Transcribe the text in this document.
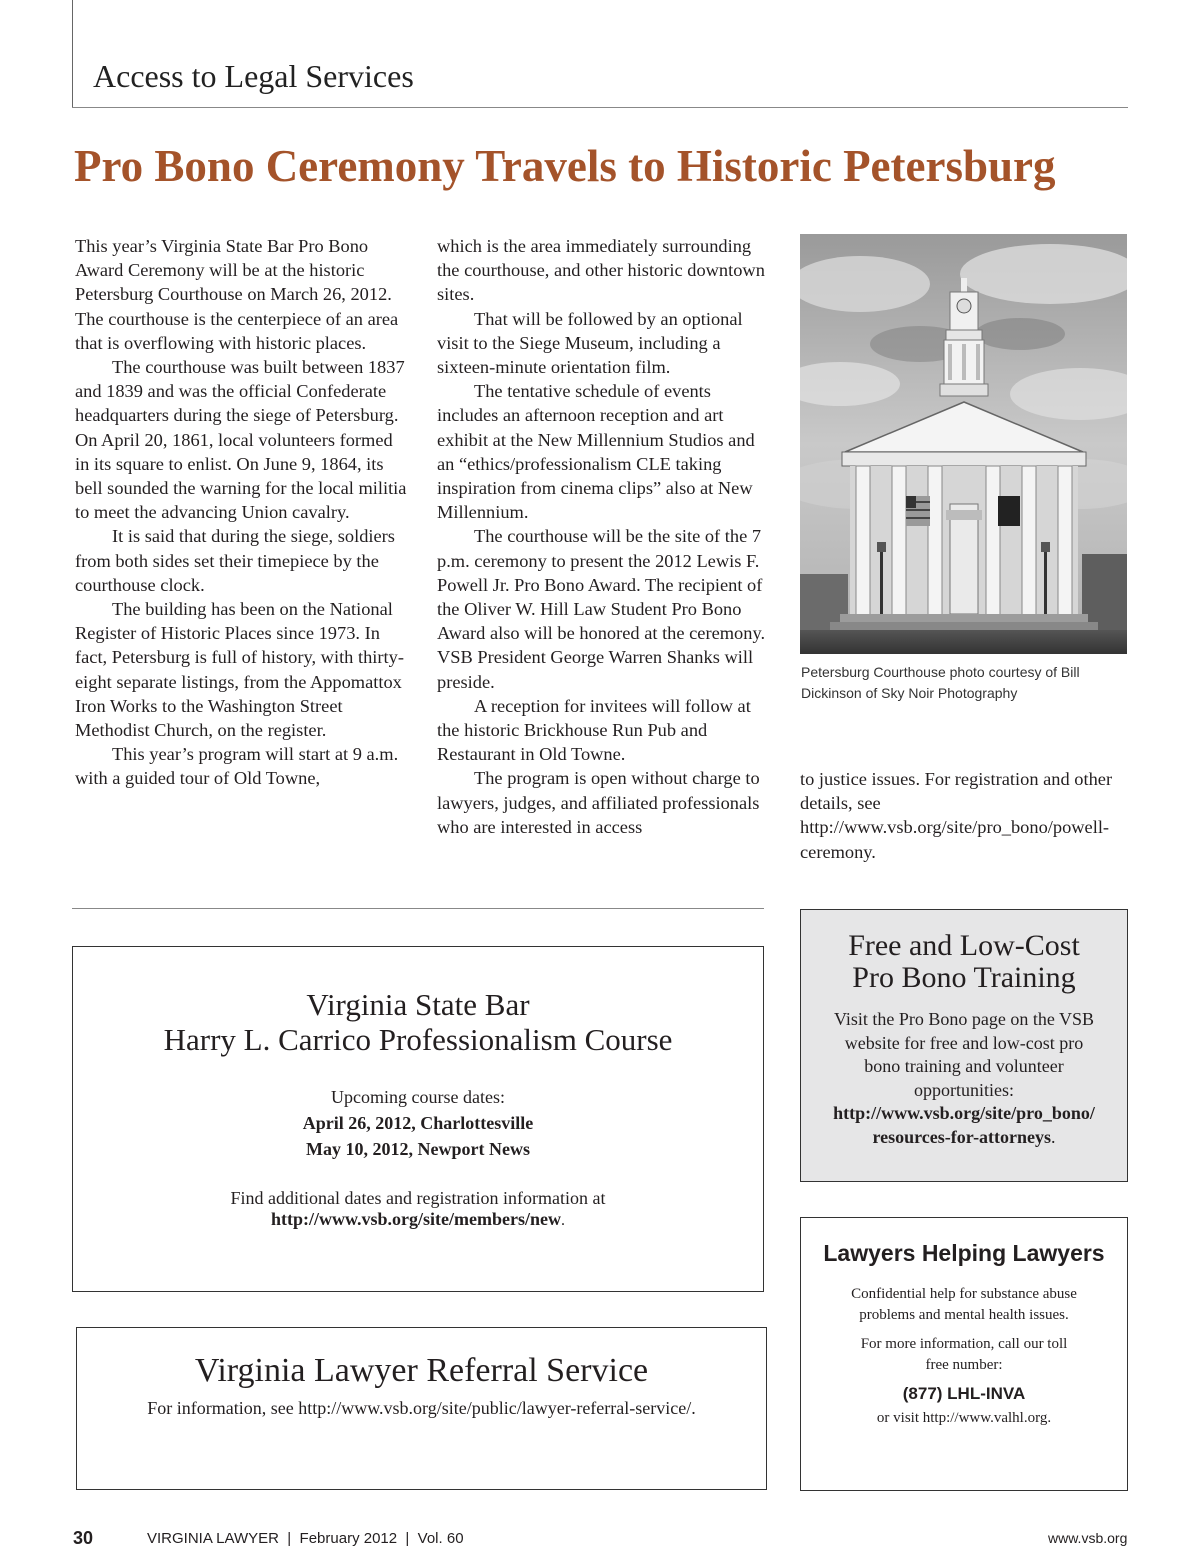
Access to Legal Services
Pro Bono Ceremony Travels to Historic Petersburg

This year’s Virginia State Bar Pro Bono Award Ceremony will be at the historic Petersburg Courthouse on March 26, 2012. The courthouse is the centerpiece of an area that is overflowing with historic places.

The courthouse was built between 1837 and 1839 and was the official Confederate headquarters during the siege of Petersburg. On April 20, 1861, local volunteers formed in its square to enlist. On June 9, 1864, its bell sounded the warning for the local militia to meet the advancing Union cavalry.

It is said that during the siege, soldiers from both sides set their timepiece by the courthouse clock.

The building has been on the National Register of Historic Places since 1973. In fact, Petersburg is full of history, with thirty-eight separate listings, from the Appomattox Iron Works to the Washington Street Methodist Church, on the register.

This year’s program will start at 9 a.m. with a guided tour of Old Towne,

which is the area immediately surrounding the courthouse, and other historic downtown sites.

That will be followed by an optional visit to the Siege Museum, including a sixteen-minute orientation film.

The tentative schedule of events includes an afternoon reception and art exhibit at the New Millennium Studios and an “ethics/professionalism CLE taking inspiration from cinema clips” also at New Millennium.

The courthouse will be the site of the 7 p.m. ceremony to present the 2012 Lewis F. Powell Jr. Pro Bono Award. The recipient of the Oliver W. Hill Law Student Pro Bono Award also will be honored at the ceremony. VSB President George Warren Shanks will preside.

A reception for invitees will follow at the historic Brickhouse Run Pub and Restaurant in Old Towne.

The program is open without charge to lawyers, judges, and affiliated professionals who are interested in access

Petersburg Courthouse photo courtesy of Bill Dickinson of Sky Noir Photography

to justice issues. For registration and other details, see http://www.vsb.org/site/pro_bono/powell-ceremony.

Virginia State Bar
Harry L. Carrico Professionalism Course
Upcoming course dates:
April 26, 2012, Charlottesville
May 10, 2012, Newport News
Find additional dates and registration information at
http://www.vsb.org/site/members/new.
Virginia Lawyer Referral Service
For information, see http://www.vsb.org/site/public/lawyer-referral-service/.
Free and Low-Cost
Pro Bono Training
Visit the Pro Bono page on the VSB website for free and low-cost pro bono training and volunteer opportunities:
http://www.vsb.org/site/pro_bono/
resources-for-attorneys.
Lawyers Helping Lawyers
Confidential help for substance abuse problems and mental health issues.
For more information, call our toll free number:
(877) LHL-INVA
or visit http://www.valhl.org.
30	VIRGINIA LAWYER  |  February 2012  |  Vol. 60	www.vsb.org
